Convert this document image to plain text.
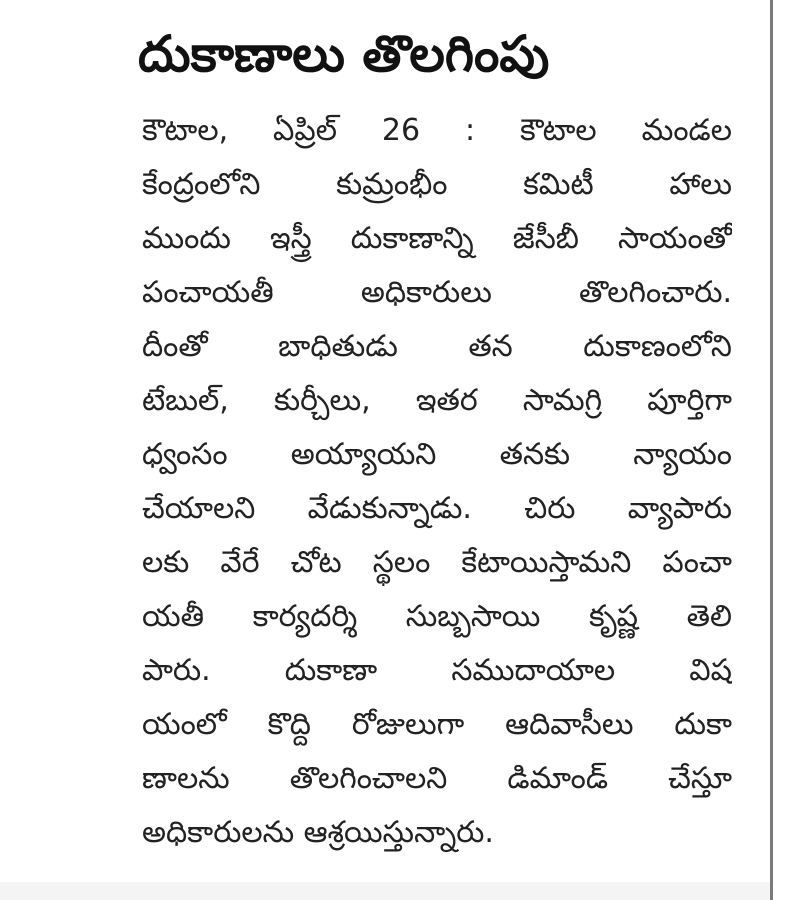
దుకాణాలు తొలగింపు
కౌటాల, ఏప్రిల్ 26 : కౌటాల మండల
కేంద్రంలోని కుమ్రంభీం కమిటీ హాలు
ముందు ఇస్త్రీ దుకాణాన్ని జేసీబీ సాయంతో
పంచాయతీ అధికారులు తొలగించారు.
దీంతో బాధితుడు తన దుకాణంలోని
టేబుల్, కుర్చీలు, ఇతర సామగ్రి పూర్తిగా
ధ్వంసం అయ్యాయని తనకు న్యాయం
చేయాలని వేడుకున్నాడు. చిరు వ్యాపారు
లకు వేరే చోట స్థలం కేటాయిస్తామని పంచా
యతీ కార్యదర్శి సుబ్బసాయి కృష్ణ తెలి
పారు. దుకాణా సముదాయాల విష
యంలో కొద్ది రోజులుగా ఆదివాసీలు దుకా
ణాలను తొలగించాలని డిమాండ్ చేస్తూ
అధికారులను ఆశ్రయిస్తున్నారు.
